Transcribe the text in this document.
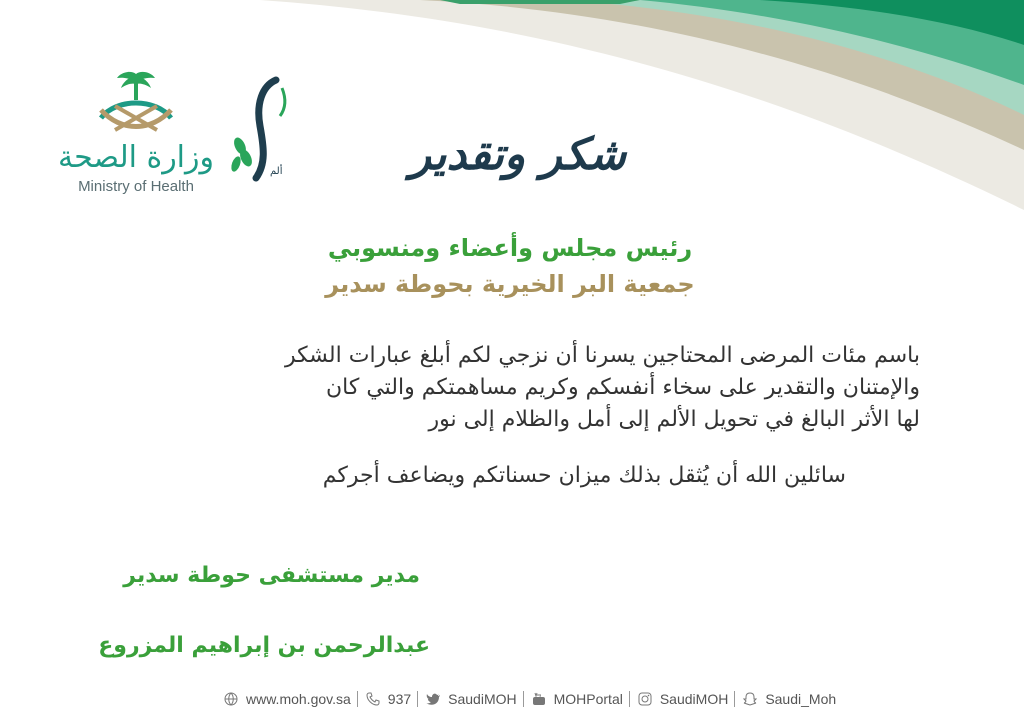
وزارة الصحة
Ministry of Health
ألم	شكر وتقدير
رئيس مجلس وأعضاء ومنسوبي
جمعية البر الخيرية بحوطة سدير

باسم مئات المرضى المحتاجين يسرنا أن نزجي لكم أبلغ عبارات الشكر

والإمتنان والتقدير على سخاء أنفسكم وكريم مساهمتكم والتي كان

لها الأثر البالغ في تحويل الألم إلى أمل والظلام إلى نور

سائلين الله أن يُثقل بذلك ميزان حسناتكم ويضاعف أجركم
مدير مستشفى حوطة سدير
عبدالرحمن بن إبراهيم المزروع
www.moh.gov.sa	937	SaudiMOH	MOHPortal	SaudiMOH	Saudi_Moh
